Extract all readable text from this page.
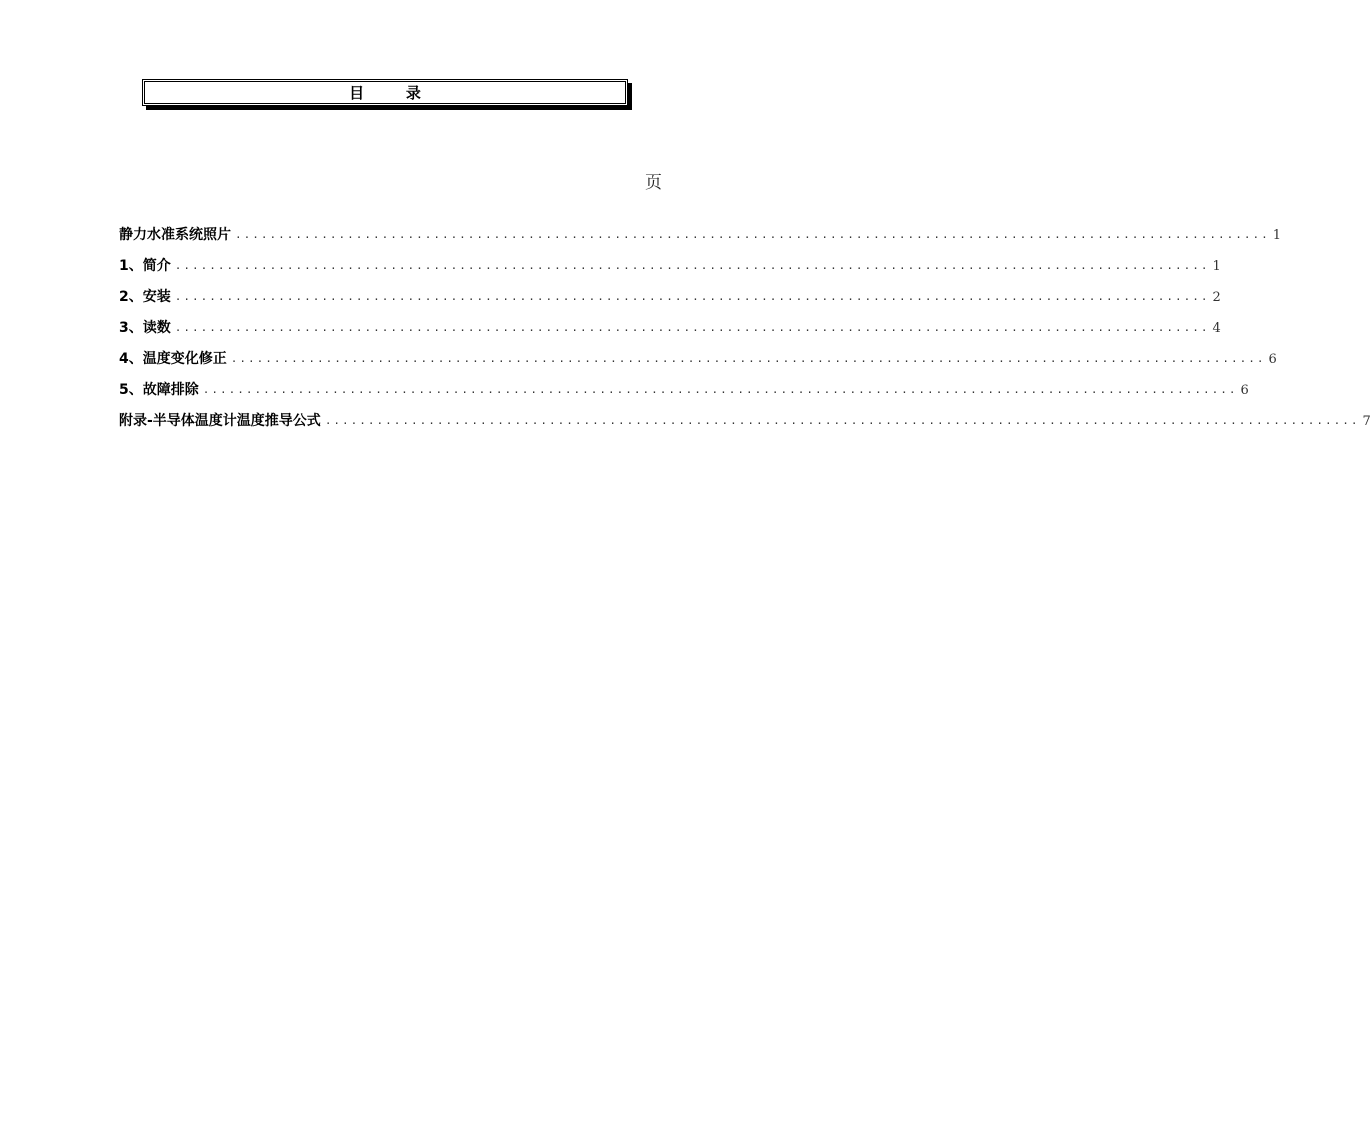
目        录
页
静力水准系统照片 ........................................................................................................................ 1
1、简介 ........................................................................................................................ 1
2、安装 ........................................................................................................................ 2
3、读数 ........................................................................................................................ 4
4、温度变化修正 ........................................................................................................................ 6
5、故障排除 ........................................................................................................................ 6
附录-半导体温度计温度推导公式 ........................................................................................................................ 7
